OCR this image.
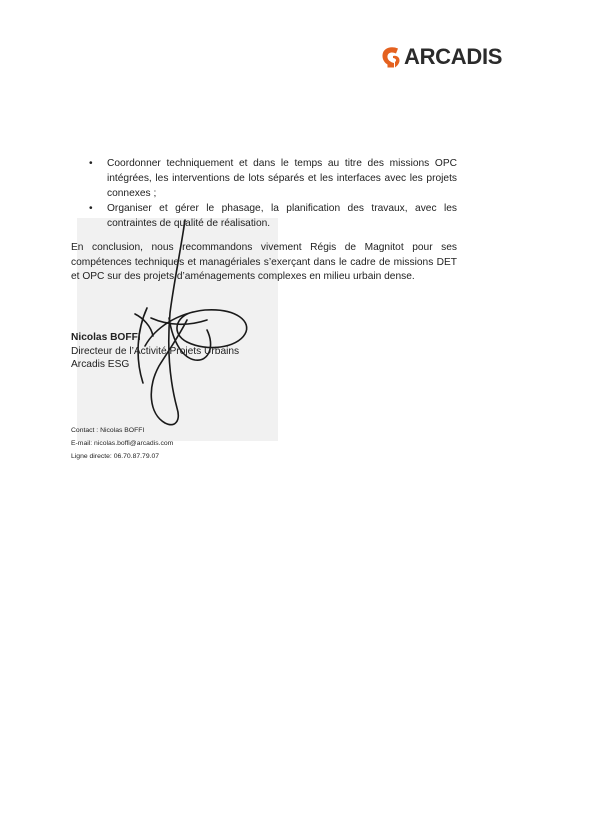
ARCADIS
• Coordonner techniquement et dans le temps au titre des missions OPC intégrées, les interventions de lots séparés et les interfaces avec les projets connexes ;
• Organiser et gérer le phasage, la planification des travaux, avec les contraintes de qualité de réalisation.

En conclusion, nous recommandons vivement Régis de Magnitot pour ses compétences techniques et managériales s’exerçant dans le cadre de missions DET et OPC sur des projets d’aménagements complexes en milieu urbain dense.

Nicolas BOFFI
Directeur de l’Activité Projets Urbains
Arcadis ESG
Contact : Nicolas BOFFI
E-mail: nicolas.boffi@arcadis.com
Ligne directe: 06.70.87.79.07
